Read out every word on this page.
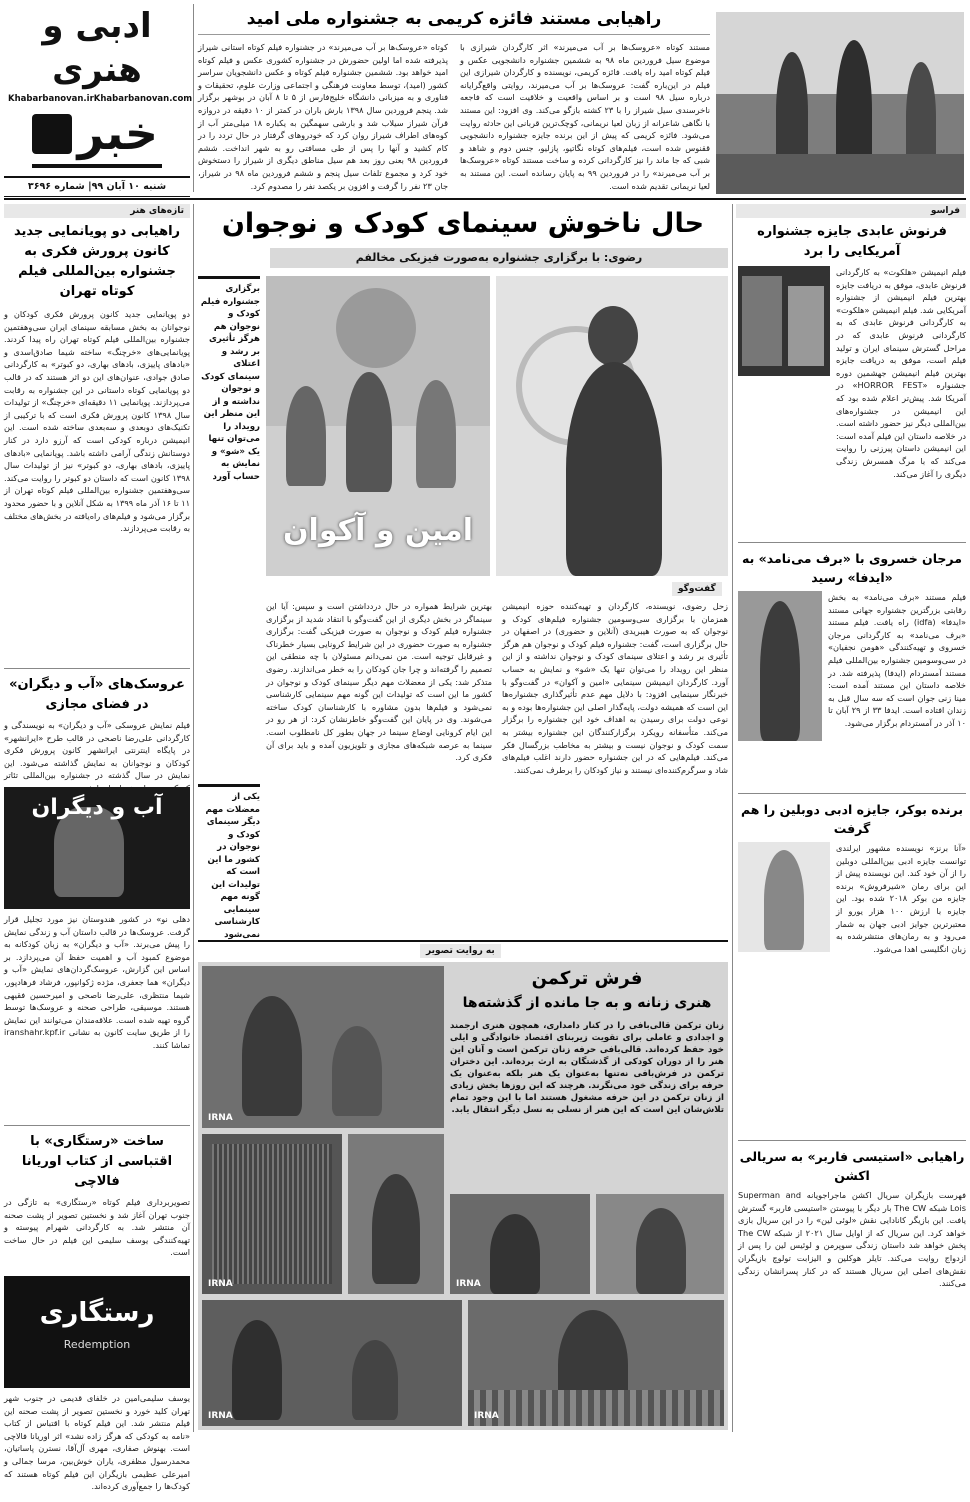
ادبی و هنری
Khabarbanovan.ir Khabarbanovan.com
خبر
شنبه ۱۰ آبان ۹۹| شماره ۳۶۹۶
راهیابی مستند فائزه کریمی به جشنواره ملی امید
مستند کوتاه «عروسک‌ها بر آب می‌میرند» اثر کارگردان شیرازی با موضوع سیل فروردین ماه ۹۸ به ششمین جشنواره دانشجویی عکس و فیلم کوتاه امید راه یافت. فائزه کریمی، نویسنده و کارگردان شیرازی این فیلم در این‌باره گفت: عروسک‌ها بر آب می‌میرند، روایتی واقع‌گرایانه درباره سیل ۹۸ است و بر اساس واقعیت و خلاقیت است که فاجعه ناخرسندی سیل شیراز را با ۲۳ کشته بازگو می‌کند. وی افزود: این مستند با نگاهی شاعرانه از زبان لعیا نریمانی، کوچک‌ترین قربانی این حادثه روایت می‌شود. فائزه کریمی که پیش از این برنده جایزه جشنواره دانشجویی ققنوس شده است، فیلم‌های کوتاه نگاتیو، پازلیو، جنس دوم و شاهد و شبی که جا ماند را نیز کارگردانی کرده و ساخت مستند کوتاه «عروسک‌ها بر آب می‌میرند» را در فروردین ۹۹ به پایان رسانده است. این مستند به لعیا نریمانی تقدیم شده است.
کوتاه «عروسک‌ها بر آب می‌میرند» در جشنواره فیلم کوتاه استانی شیراز پذیرفته شده اما اولین حضورش در جشنواره کشوری عکس و فیلم کوتاه امید خواهد بود. ششمین جشنواره فیلم کوتاه و عکس دانشجویان سراسر کشور (امید)، توسط معاونت فرهنگی و اجتماعی وزارت علوم، تحقیقات و فناوری و به میزبانی دانشگاه خلیج‌فارس از ۵ تا ۸ آبان در بوشهر برگزار شد. پنجم فروردین سال ۱۳۹۸ بارش باران در کمتر از ۱۰ دقیقه در دروازه قرآن شیراز سیلاب شد و بارشی سهمگین به یکباره ۱۸ میلی‌متر آب از کوه‌های اطراف شیراز روان کرد که خودروهای گرفتار در حال تردد را در کام کشید و آنها را پس از طی مسافتی رو به شهر انداخت. ششم فروردین ۹۸ بعنی روز بعد هم سیل مناطق دیگری از شیراز را دستخوش خود کرد و مجموع تلفات سیل پنجم و ششم فروردین ماه ۹۸ در شیراز، جان ۲۳ نفر را گرفت و افزون بر یکصد نفر را مصدوم کرد.
تازه‌های هنر
راهیابی دو پویانمایی جدید کانون پرورش فکری به جشنواره بین‌المللی فیلم کوتاه تهران
دو پویانمایی جدید کانون پرورش فکری کودکان و نوجوانان به بخش مسابقه سینمای ایران سی‌وهفتمین جشنواره بین‌المللی فیلم کوتاه تهران راه پیدا کردند. پویانمایی‌های «خرچنگ» ساخته شیما صادق‌اسدی و «بادهای پاییزی، بادهای بهاری، دو کبوتر» به کارگردانی صادق جوادی، عنوان‌های این دو اثر هستند که در قالب دو پویانمایی کوتاه داستانی در این جشنواره به رقابت می‌پردازند. پویانمایی ۱۱ دقیقه‌ای «خرچنگ» از تولیدات سال ۱۳۹۸ کانون پرورش فکری است که با ترکیبی از تکنیک‌های دوبعدی و سه‌بعدی ساخته شده است. این انیمیشن درباره کودکی است که آرزو دارد در کنار دوستانش زندگی آرامی داشته باشد. پویانمایی «بادهای پاییزی، بادهای بهاری، دو کبوتر» نیز از تولیدات سال ۱۳۹۸ کانون است که داستان دو کبوتر را روایت می‌کند. سی‌وهفتمین جشنواره بین‌المللی فیلم کوتاه تهران از ۱۱ تا ۱۶ آذر ماه ۱۳۹۹ به شکل آنلاین و با حضور محدود برگزار می‌شود و فیلم‌های راه‌یافته در بخش‌های مختلف به رقابت می‌پردازند.
عروسک‌های «آب و دیگران» در فضای مجازی
فیلم‌ نمایش عروسکی «آب و دیگران» به نویسندگی و کارگردانی علی‌رضا ناصحی در قالب طرح «ایرانشهر» در پایگاه اینترنتی ایرانشهر کانون پرورش فکری کودکان و نوجوانان به نمایش گذاشته می‌شود. این نمایش در سال گذشته در جشنواره بین‌المللی تئاتر
آب و دیگران
دهلی نو» در کشور هندوستان نیز مورد تجلیل قرار گرفت. عروسک‌ها در قالب داستان آب و زندگی نمایش را پیش می‌برند. «آب و دیگران» به زبان کودکانه به موضوع کمبود آب و اهمیت حفظ آن می‌پردازد. بر اساس این گزارش، عروسک‌گردان‌های نمایش «آب و دیگران» هما جعفری، مژده ژکوانپور، فرشاد فرهادپور، شیما منتظری، علی‌رضا ناصحی و امیرحسین فقیهی هستند. موسیقی، طراحی صحنه و عروسک‌ها توسط گروه تهیه شده است. علاقه‌مندان می‌توانند این نمایش را از طریق سایت کانون به نشانی iranshahr.kpf.ir تماشا کنند.
ساخت «رستگاری» با اقتباسی از کتاب اوریانا فالاچی
تصویربرداری فیلم کوتاه «رستگاری» به تازگی در جنوب تهران آغاز شد و نخستین تصویر از پشت صحنه آن منتشر شد. به کارگردانی شهرام پیوسته و تهیه‌کنندگی یوسف سلیمی این فیلم در حال ساخت است.
رستگاری
Redemption
یوسف سلیمی‌امین در خلفای قدیمی در جنوب شهر تهران کلید خورد و نخستین تصویر از پشت صحنه این فیلم منتشر شد. این فیلم کوتاه با اقتباس از کتاب «نامه به کودکی که هرگز زاده نشد» اثر اوریانا فالاچی است. بهنوش صفاری، مهری آل‌آقا، نسترن پاساتیان، محمدرسول مظفری، یاران خوش‌بین، مرسا جمالی و امیرعلی عظیمی بازیگران این فیلم کوتاه هستند که کودک‌ها را جمع‌آوری کرده‌اند.
حال ناخوش سینمای کودک و نوجوان
رضوی: با برگزاری جشنواره به‌صورت فیزیکی مخالفم
برگزاری جشنواره فیلم کودک و نوجوان هم هرگز تأثیری بر رشد و اعتلای سینمای کودک و نوجوان نداشته و از این منظر این رویداد را می‌توان تنها یک «شو» و نمایش به حساب آورد
امین و آکوان
گفت‌وگو
زحل رضوی، نویسنده، کارگردان و تهیه‌کننده حوزه انیمیشن همزمان با برگزاری سی‌وسومین جشنواره فیلم‌های کودک و نوجوان که به صورت هیبریدی (آنلاین و حضوری) در اصفهان در حال برگزاری است، گفت: جشنواره فیلم کودک و نوجوان هم هرگز تأثیری بر رشد و اعتلای سینمای کودک و نوجوان نداشته و از این منظر این رویداد را می‌توان تنها یک «شو» و نمایش به حساب آورد. کارگردان انیمیشن سینمایی «امین و آکوان» در گفت‌وگو با خبرنگار سینمایی افزود: با دلایل مهم عدم تأثیرگذاری جشنواره‌ها این است که همیشه دولت، پایه‌گذار اصلی این جشنواره‌ها بوده و به نوعی دولت برای رسیدن به اهداف خود این جشنواره را برگزار می‌کند. متأسفانه رویکرد برگزارکنندگان این جشنواره بیشتر به سمت کودک و نوجوان نیست و بیشتر به مخاطب بزرگسال فکر می‌کند. فیلم‌هایی که در این جشنواره حضور دارند اغلب فیلم‌های شاد و سرگرم‌کننده‌ای نیستند و نیاز کودکان را برطرف نمی‌کنند.
بهترین شرایط همواره در حال دردداشتن است و سپس: آیا این سینماگر در بخش دیگری از این گفت‌وگو با انتقاد شدید از برگزاری جشنواره فیلم کودک و نوجوان به صورت فیزیکی گفت: برگزاری جشنواره به صورت حضوری در این شرایط کرونایی بسیار خطرناک و غیرقابل توجیه است. من نمی‌دانم مسئولان با چه منطقی این تصمیم را گرفته‌اند و چرا جان کودکان را به خطر می‌اندازند. رضوی متذکر شد: یکی از معضلات مهم دیگر سینمای کودک و نوجوان در کشور ما این است که تولیدات این گونه مهم سینمایی کارشناسی نمی‌شود و فیلم‌ها بدون مشاوره با کارشناسان کودک ساخته می‌شوند. وی در پایان این گفت‌وگو خاطرنشان کرد: از هر رو در این ایام کرونایی اوضاع سینما در جهان بطور کل نامطلوب است. سینما به عرصه شبکه‌های مجازی و تلویزیون آمده و باید برای آن فکری کرد.
یکی از معضلات مهم دیگر سینمای کودک و نوجوان در کشور ما این است که تولیدات این گونه مهم سینمایی کارشناسی نمی‌شود
فراسو
فرنوش عابدی جایزه جشنواره آمریکایی را برد
فیلم انیمیشن «هلکوت» به کارگردانی فرنوش عابدی، موفق به دریافت جایزه بهترین فیلم انیمیشن از جشنواره آمریکایی شد. فیلم انیمیشن «هلکوت» به کارگردانی فرنوش عابدی که به کارگردانی فرنوش عابدی که در مراحل گسترش سینمای ایران و تولید فیلم است، موفق به دریافت جایزه بهترین فیلم انیمیشن جهشمین دوره جشنواره «HORROR FEST» در آمریکا شد. پیش‌تر اعلام شده بود که این انیمیشن در جشنواره‌های بین‌المللی دیگر نیز حضور داشته است. در خلاصه داستان این فیلم آمده است: این انیمیشن داستان پیرزنی را روایت می‌کند که با مرگ همسرش زندگی دیگری را آغاز می‌کند.
مرجان خسروی با «برف می‌نامد» به «ایدفا» رسید
فیلم مستند «برف می‌نامد» به بخش رقابتی بزرگترین جشنواره جهانی مستند «ایدفا» (idfa) راه یافت. فیلم مستند «برف می‌نامد» به کارگردانی مرجان خسروی و تهیه‌کنندگی «هومن نجفیان» در سی‌وسومین جشنواره بین‌المللی فیلم مستند آمستردام (ایدفا) پذیرفته شد. در خلاصه داستان این مستند آمده است: مینا زنی جوان است که سه سال قبل به زندان افتاده است. ایدفا ۳۳ از ۲۹ آبان تا ۱۰ آذر در آمستردام برگزار می‌شود.
برنده بوکر، جایزه ادبی دوبلین را هم گرفت
«آنا برنز» نویسنده مشهور ایرلندی توانست جایزه ادبی بین‌المللی دوبلین را از آن خود کند. این نویسنده پیش از این برای رمان «شیرفروش» برنده جایزه من بوکر ۲۰۱۸ شده بود. این جایزه با ارزش ۱۰۰ هزار یورو از معتبرترین جوایز ادبی جهان به شمار می‌رود و به رمان‌های منتشرشده به زبان انگلیسی اهدا می‌شود.
راهیابی «استیسی فاربر» به سریالی اکشن
فهرست بازیگران سریال اکشن ماجراجویانه Superman and Lois شبکه The CW بار دیگر با پیوستن «استیسی فاربر» گسترش یافت. این بازیگر کانادایی نقش «لوئی لین» را در این سریال بازی خواهد کرد. این سریال که از اوایل سال ۲۰۲۱ از شبکه The CW پخش خواهد شد داستان زندگی سوپرمن و لوئیس لین را پس از ازدواج روایت می‌کند. تایلر هوکلین و الیزابت تولوچ بازیگران نقش‌های اصلی این سریال هستند که در کنار پسرانشان زندگی می‌کنند.
به روایت تصویر
IRNA
فرش ترکمن
هنری زنانه و به جا مانده از گذشته‌ها
زنان ترکمن قالی‌بافی را در کنار دامداری، همچون هنری ارجمند و اجدادی و عاملی برای تقویت زیربنای اقتصاد خانوادگی و ایلی خود حفظ کرده‌اند. قالی‌بافی حرفه زنان ترکمن است و آنان این هنر را از دوران کودکی از گذشتگان به ارث برده‌اند. این دختران ترکمن در فرش‌بافی نه‌تنها به‌عنوان یک هنر بلکه به‌عنوان یک حرفه برای زندگی خود می‌نگرند. هرچند که این روزها بخش زیادی از زنان ترکمن در این حرفه مشغول هستند اما با این وجود تمام تلاش‌شان این است که این هنر از نسلی به نسل دیگر انتقال یابد.
IRNA	IRNA
IRNA	IRNA
